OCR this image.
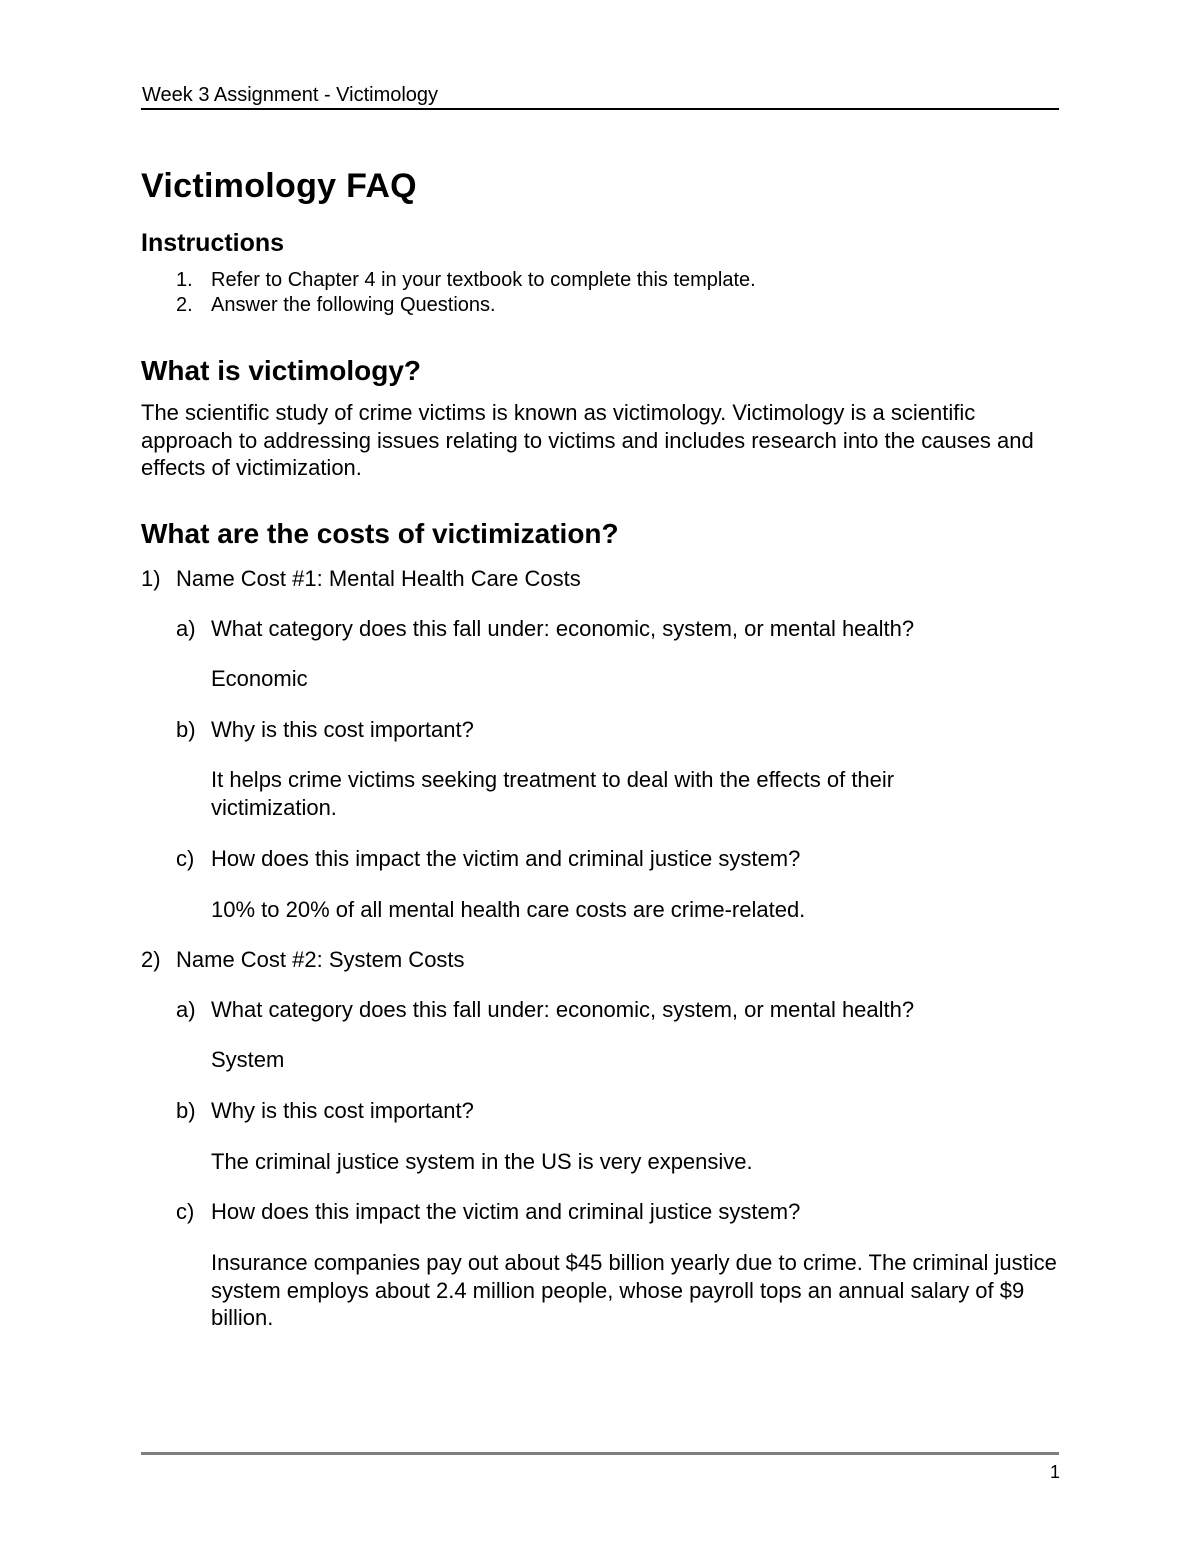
Week 3 Assignment - Victimology
Victimology FAQ
Instructions
1. Refer to Chapter 4 in your textbook to complete this template.
2. Answer the following Questions.
What is victimology?

The scientific study of crime victims is known as victimology. Victimology is a scientific approach to addressing issues relating to victims and includes research into the causes and effects of victimization.

What are the costs of victimization?
1) Name Cost #1: Mental Health Care Costs
a) What category does this fall under: economic, system, or mental health?
Economic
b) Why is this cost important?
It helps crime victims seeking treatment to deal with the effects of their victimization.
c) How does this impact the victim and criminal justice system?
10% to 20% of all mental health care costs are crime-related.
2) Name Cost #2: System Costs
a) What category does this fall under: economic, system, or mental health?
System
b) Why is this cost important?
The criminal justice system in the US is very expensive.
c) How does this impact the victim and criminal justice system?
Insurance companies pay out about $45 billion yearly due to crime. The criminal justice system employs about 2.4 million people, whose payroll tops an annual salary of $9 billion.
1
